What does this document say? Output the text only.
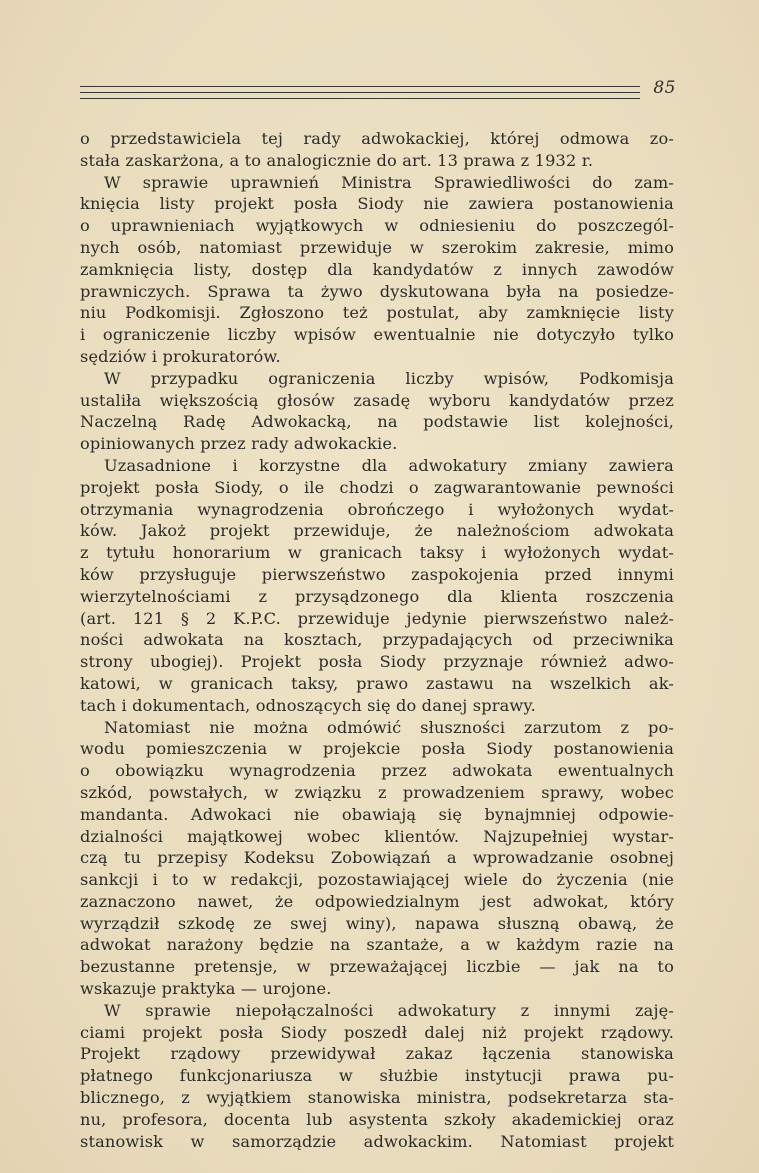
85
o przedstawiciela tej rady adwokackiej, której odmowa zo-
stała zaskarżona, a to analogicznie do art. 13 prawa z 1932 r.
W sprawie uprawnień Ministra Sprawiedliwości do zam-
knięcia listy projekt posła Siody nie zawiera postanowienia
o uprawnieniach wyjątkowych w odniesieniu do poszczegól-
nych osób, natomiast przewiduje w szerokim zakresie, mimo
zamknięcia listy, dostęp dla kandydatów z innych zawodów
prawniczych. Sprawa ta żywo dyskutowana była na posiedze-
niu Podkomisji. Zgłoszono też postulat, aby zamknięcie listy
i ograniczenie liczby wpisów ewentualnie nie dotyczyło tylko
sędziów i prokuratorów.
W przypadku ograniczenia liczby wpisów, Podkomisja
ustaliła większością głosów zasadę wyboru kandydatów przez
Naczelną Radę Adwokacką, na podstawie list kolejności,
opiniowanych przez rady adwokackie.
Uzasadnione i korzystne dla adwokatury zmiany zawiera
projekt posła Siody, o ile chodzi o zagwarantowanie pewności
otrzymania wynagrodzenia obrończego i wyłożonych wydat-
ków. Jakoż projekt przewiduje, że należnościom adwokata
z tytułu honorarium w granicach taksy i wyłożonych wydat-
ków przysługuje pierwszeństwo zaspokojenia przed innymi
wierzytelnościami z przysądzonego dla klienta roszczenia
(art. 121 § 2 K.P.C. przewiduje jedynie pierwszeństwo należ-
ności adwokata na kosztach, przypadających od przeciwnika
strony ubogiej). Projekt posła Siody przyznaje również adwo-
katowi, w granicach taksy, prawo zastawu na wszelkich ak-
tach i dokumentach, odnoszących się do danej sprawy.
Natomiast nie można odmówić słuszności zarzutom z po-
wodu pomieszczenia w projekcie posła Siody postanowienia
o obowiązku wynagrodzenia przez adwokata ewentualnych
szkód, powstałych, w związku z prowadzeniem sprawy, wobec
mandanta. Adwokaci nie obawiają się bynajmniej odpowie-
dzialności majątkowej wobec klientów. Najzupełniej wystar-
czą tu przepisy Kodeksu Zobowiązań a wprowadzanie osobnej
sankcji i to w redakcji, pozostawiającej wiele do życzenia (nie
zaznaczono nawet, że odpowiedzialnym jest adwokat, który
wyrządził szkodę ze swej winy), napawa słuszną obawą, że
adwokat narażony będzie na szantaże, a w każdym razie na
bezustanne pretensje, w przeważającej liczbie — jak na to
wskazuje praktyka — urojone.
W sprawie niepołączalności adwokatury z innymi zaję-
ciami projekt posła Siody poszedł dalej niż projekt rządowy.
Projekt rządowy przewidywał zakaz łączenia stanowiska
płatnego funkcjonariusza w służbie instytucji prawa pu-
blicznego, z wyjątkiem stanowiska ministra, podsekretarza sta-
nu, profesora, docenta lub asystenta szkoły akademickiej oraz
stanowisk w samorządzie adwokackim. Natomiast projekt
